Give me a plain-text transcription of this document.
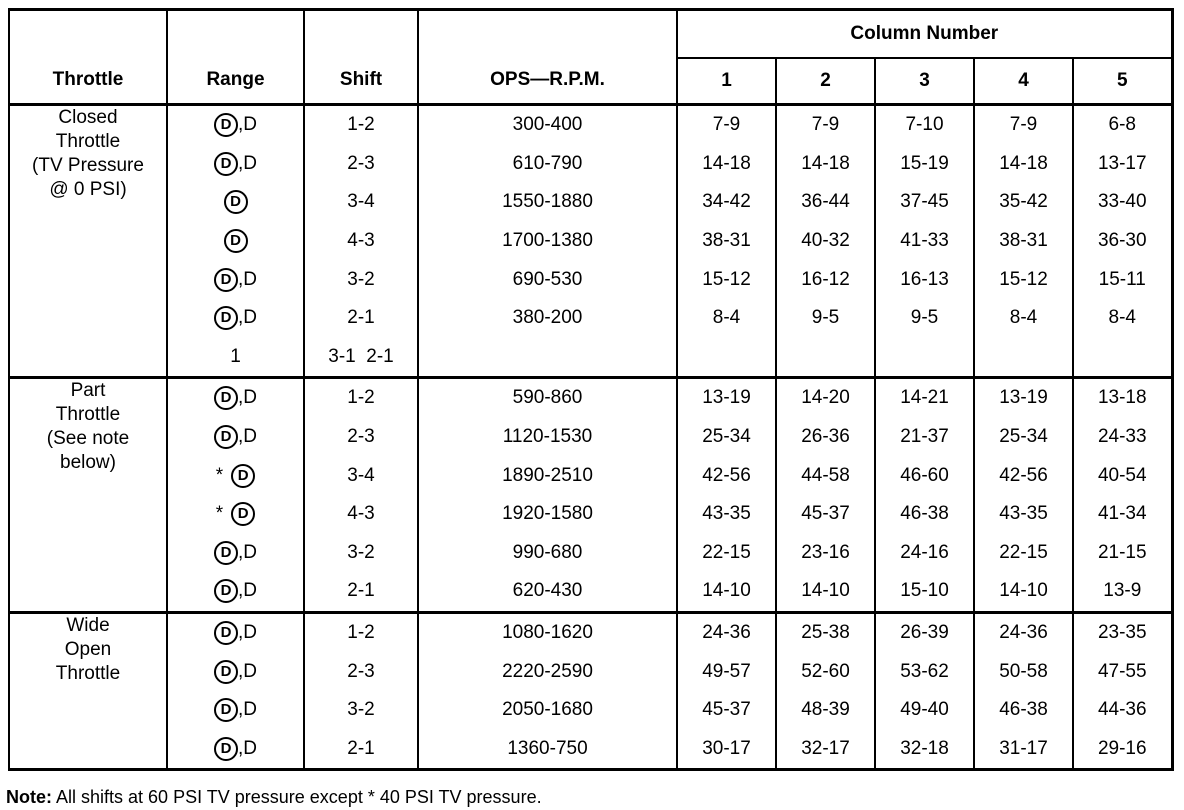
Throttle	Range	Shift	OPS—R.P.M.	Column Number				
				1	2	3	4	5

Closed
Throttle
(TV Pressure
@ 0 PSI)	D ,D	1-2	300-400	7-9	7-9	7-10	7-9	6-8
	D ,D	2-3	610-790	14-18	14-18	15-19	14-18	13-17
	D	3-4	1550-1880	34-42	36-44	37-45	35-42	33-40
	D	4-3	1700-1380	38-31	40-32	41-33	38-31	36-30
	D ,D	3-2	690-530	15-12	16-12	16-13	15-12	15-11
	D ,D	2-1	380-200	8-4	9-5	9-5	8-4	8-4
	1	3-1  2-1						

Part
Throttle
(See note
below)	D ,D	1-2	590-860	13-19	14-20	14-21	13-19	13-18
	D ,D	2-3	1120-1530	25-34	26-36	21-37	25-34	24-33
	* D	3-4	1890-2510	42-56	44-58	46-60	42-56	40-54
	* D	4-3	1920-1580	43-35	45-37	46-38	43-35	41-34
	D ,D	3-2	990-680	22-15	23-16	24-16	22-15	21-15
	D ,D	2-1	620-430	14-10	14-10	15-10	14-10	13-9

Wide
Open
Throttle	D ,D	1-2	1080-1620	24-36	25-38	26-39	24-36	23-35
	D ,D	2-3	2220-2590	49-57	52-60	53-62	50-58	47-55
	D ,D	3-2	2050-1680	45-37	48-39	49-40	46-38	44-36
	D ,D	2-1	1360-750	30-17	32-17	32-18	31-17	29-16
Note: All shifts at 60 PSI TV pressure except * 40 PSI TV pressure.
